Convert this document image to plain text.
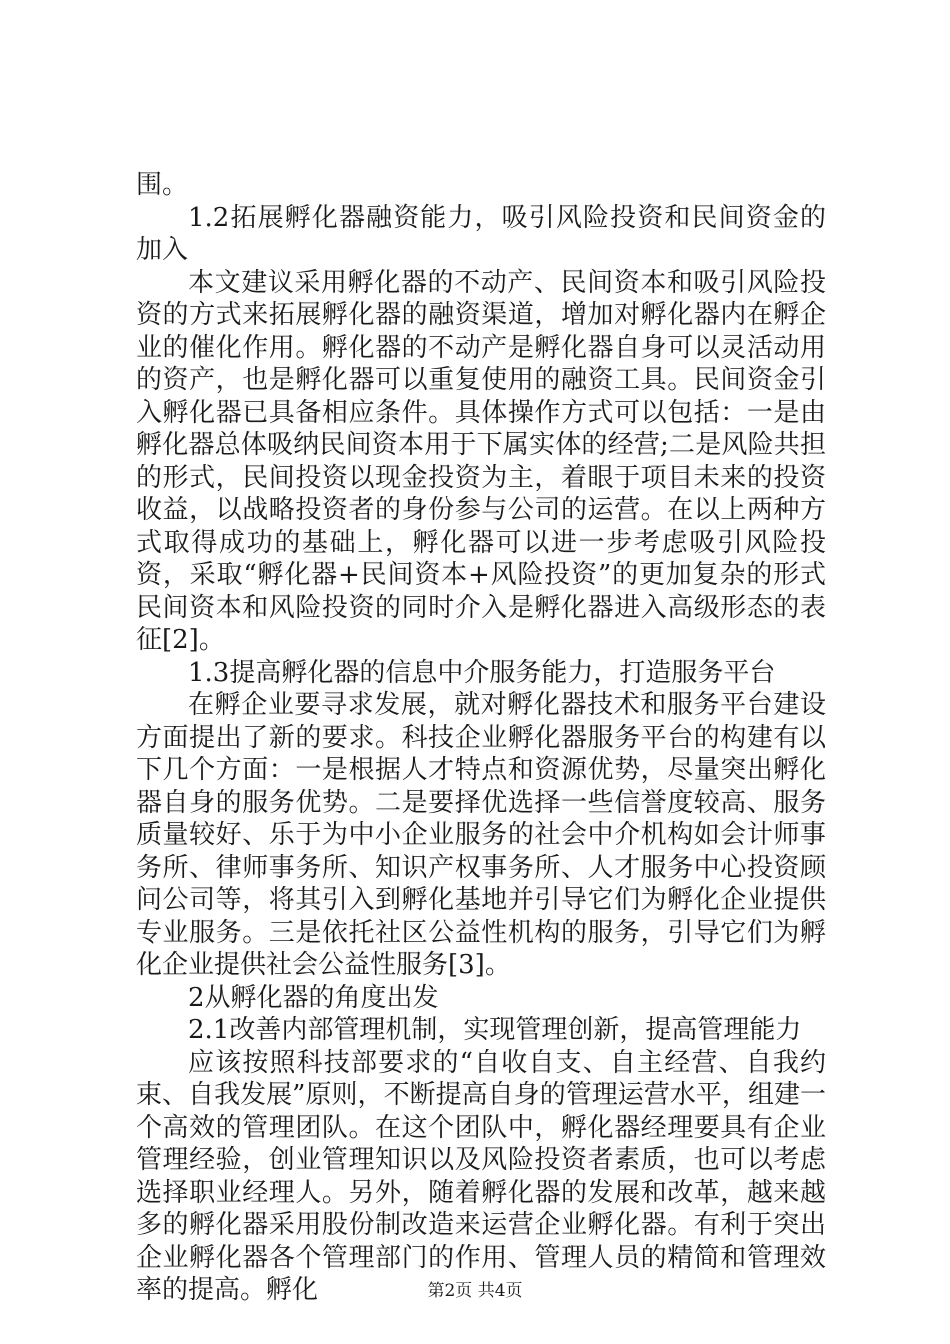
围。

1.2拓展孵化器融资能力，吸引风险投资和民间资金的加入

本文建议采用孵化器的不动产、民间资本和吸引风险投资的方式来拓展孵化器的融资渠道，增加对孵化器内在孵企业的催化作用。孵化器的不动产是孵化器自身可以灵活动用的资产，也是孵化器可以重复使用的融资工具。民间资金引入孵化器已具备相应条件。具体操作方式可以包括：一是由孵化器总体吸纳民间资本用于下属实体的经营;二是风险共担的形式，民间投资以现金投资为主，着眼于项目未来的投资收益，以战略投资者的身份参与公司的运营。在以上两种方式取得成功的基础上，孵化器可以进一步考虑吸引风险投资，采取“孵化器+民间资本+风险投资”的更加复杂的形式民间资本和风险投资的同时介入是孵化器进入高级形态的表征[2]。

1.3提高孵化器的信息中介服务能力，打造服务平台

在孵企业要寻求发展，就对孵化器技术和服务平台建设方面提出了新的要求。科技企业孵化器服务平台的构建有以下几个方面：一是根据人才特点和资源优势，尽量突出孵化器自身的服务优势。二是要择优选择一些信誉度较高、服务质量较好、乐于为中小企业服务的社会中介机构如会计师事务所、律师事务所、知识产权事务所、人才服务中心投资顾问公司等，将其引入到孵化基地并引导它们为孵化企业提供专业服务。三是依托社区公益性机构的服务，引导它们为孵化企业提供社会公益性服务[3]。

2从孵化器的角度出发

2.1改善内部管理机制，实现管理创新，提高管理能力

应该按照科技部要求的“自收自支、自主经营、自我约束、自我发展”原则，不断提高自身的管理运营水平，组建一个高效的管理团队。在这个团队中，孵化器经理要具有企业管理经验，创业管理知识以及风险投资者素质，也可以考虑选择职业经理人。另外，随着孵化器的发展和改革，越来越多的孵化器采用股份制改造来运营企业孵化器。有利于突出企业孵化器各个管理部门的作用、管理人员的精简和管理效率的提高。孵化	第2页 共4页
